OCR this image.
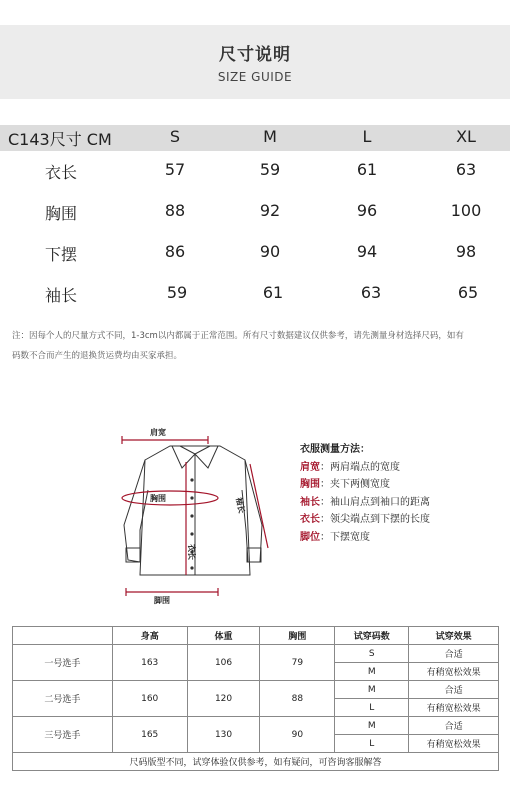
尺寸说明
SIZE GUIDE
C143尺寸 CM	S	M	L	XL
衣长	57	59	61	63
胸围	88	92	96	100
下摆	86	90	94	98
袖长	59	61	63	65
注：因每个人的尺量方式不同，1-3cm以内都属于正常范围。所有尺寸数据建议仅供参考，请先测量身材选择尺码，如有
码数不合而产生的退换货运费均由买家承担。
肩宽
胸围	袖长
衣长
脚围
衣服测量方法：
肩宽：两肩端点的宽度
胸围：夹下两侧宽度
袖长：袖山肩点到袖口的距离
衣长：领尖端点到下摆的长度
脚位：下摆宽度
	身高	体重	胸围	试穿码数	试穿效果
一号选手	163	106	79	S	合适
				M	有稍宽松效果
二号选手	160	120	88	M	合适
				L	有稍宽松效果
三号选手	165	130	90	M	合适
				L	有稍宽松效果
尺码版型不同，试穿体验仅供参考，如有疑问，可咨询客服解答					
